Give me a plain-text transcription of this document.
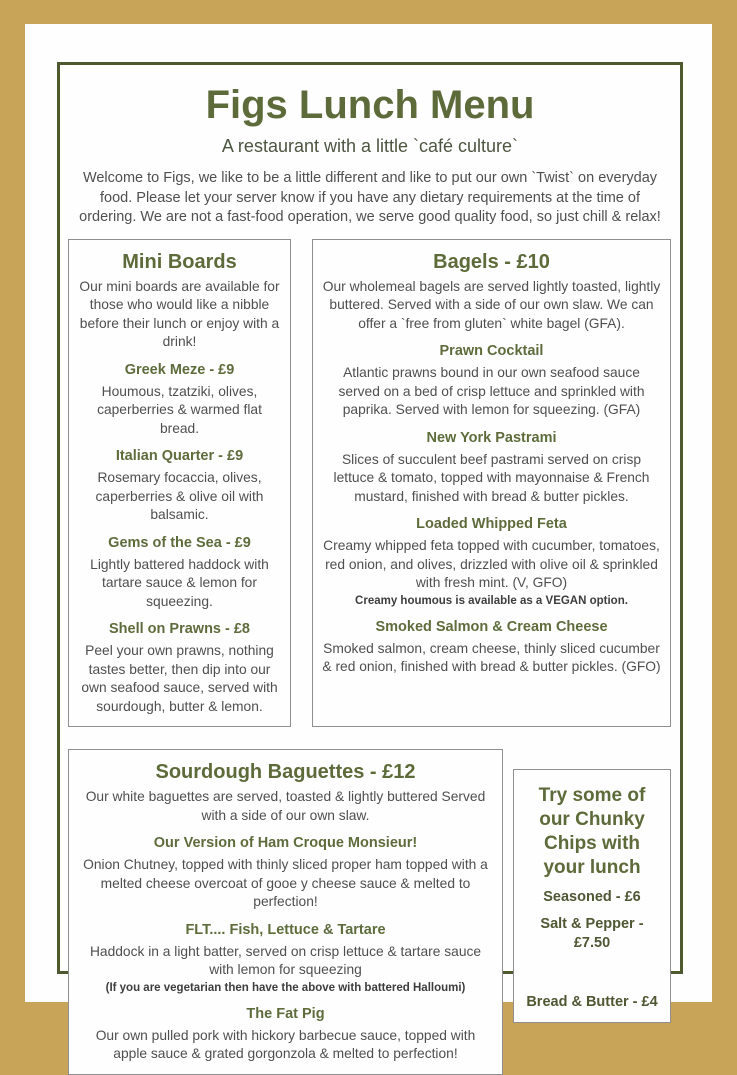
Figs Lunch Menu
A restaurant with a little `café culture`
Welcome to Figs, we like to be a little different and like to put our own `Twist` on everyday food. Please let your server know if you have any dietary requirements at the time of ordering. We are not a fast-food operation, we serve good quality food, so just chill & relax!
Mini Boards
Our mini boards are available for those who would like a nibble before their lunch or enjoy with a drink!
Greek Meze - £9
Houmous, tzatziki, olives, caperberries & warmed flat bread.
Italian Quarter - £9
Rosemary focaccia, olives, caperberries & olive oil with balsamic.
Gems of the Sea - £9
Lightly battered haddock with tartare sauce & lemon for squeezing.
Shell on Prawns - £8
Peel your own prawns, nothing tastes better, then dip into our own seafood sauce, served with sourdough, butter & lemon.
Bagels - £10
Our wholemeal bagels are served lightly toasted, lightly buttered. Served with a side of our own slaw. We can offer a `free from gluten` white bagel (GFA).
Prawn Cocktail
Atlantic prawns bound in our own seafood sauce served on a bed of crisp lettuce and sprinkled with paprika. Served with lemon for squeezing. (GFA)
New York Pastrami
Slices of succulent beef pastrami served on crisp lettuce & tomato, topped with mayonnaise & French mustard, finished with bread & butter pickles.
Loaded Whipped Feta
Creamy whipped feta topped with cucumber, tomatoes, red onion, and olives, drizzled with olive oil & sprinkled with fresh mint. (V, GFO)
Creamy houmous is available as a VEGAN option.
Smoked Salmon & Cream Cheese
Smoked salmon, cream cheese, thinly sliced cucumber & red onion, finished with bread & butter pickles. (GFO)
Sourdough Baguettes - £12
Our white baguettes are served, toasted & lightly buttered Served with a side of our own slaw.
Our Version of Ham Croque Monsieur!
Onion Chutney, topped with thinly sliced proper ham topped with a melted cheese overcoat of gooe y cheese sauce & melted to perfection!
FLT.... Fish, Lettuce & Tartare
Haddock in a light batter, served on crisp lettuce & tartare sauce with lemon for squeezing
(If you are vegetarian then have the above with battered Halloumi)
The Fat Pig
Our own pulled pork with hickory barbecue sauce, topped with apple sauce & grated gorgonzola & melted to perfection!
Try some of our Chunky Chips with your lunch
Seasoned - £6
Salt & Pepper - £7.50
Bread & Butter - £4
